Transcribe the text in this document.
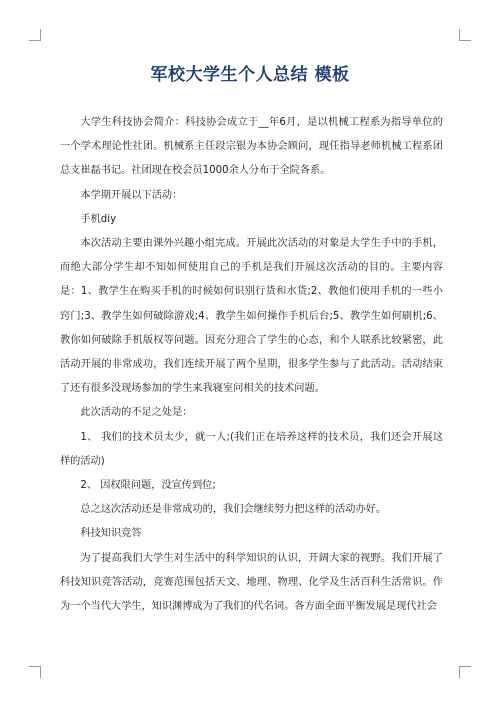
军校大学生个人总结 模板

大学生科技协会简介：科技协会成立于__年6月，是以机械工程系为指导单位的一个学术理论性社团。机械系主任段宗银为本协会顾问，现任指导老师机械工程系团总支崔磊书记。社团现在校会员1000余人分布于全院各系。

本学期开展以下活动：

手机diy

本次活动主要由课外兴趣小组完成。开展此次活动的对象是大学生手中的手机，而绝大部分学生却不知如何使用自己的手机是我们开展这次活动的目的。主要内容是：1、教学生在购买手机的时候如何识别行货和水货;2、教他们使用手机的一些小窍门;3、教学生如何破除游戏;4、教学生如何操作手机后台;5、教学生如何刷机;6、教你如何破除手机版权等问题。因充分迎合了学生的心态，和个人联系比较紧密，此活动开展的非常成功，我们连续开展了两个星期，很多学生参与了此活动。活动结束了还有很多没现场参加的学生来我寝室问相关的技术问题。

此次活动的不足之处是：

1、 我们的技术员太少，就一人;(我们正在培养这样的技术员，我们还会开展这样的活动)

2、 因权限问题，没宣传到位;

总之这次活动还是非常成功的，我们会继续努力把这样的活动办好。

科技知识竞答

为了提高我们大学生对生活中的科学知识的认识，开阔大家的视野。我们开展了科技知识竞答活动，竞赛范围包括天文、地理、物理、化学及生活百科生活常识。作为一个当代大学生，知识渊博成为了我们的代名词。各方面全面平衡发展是现代社会
